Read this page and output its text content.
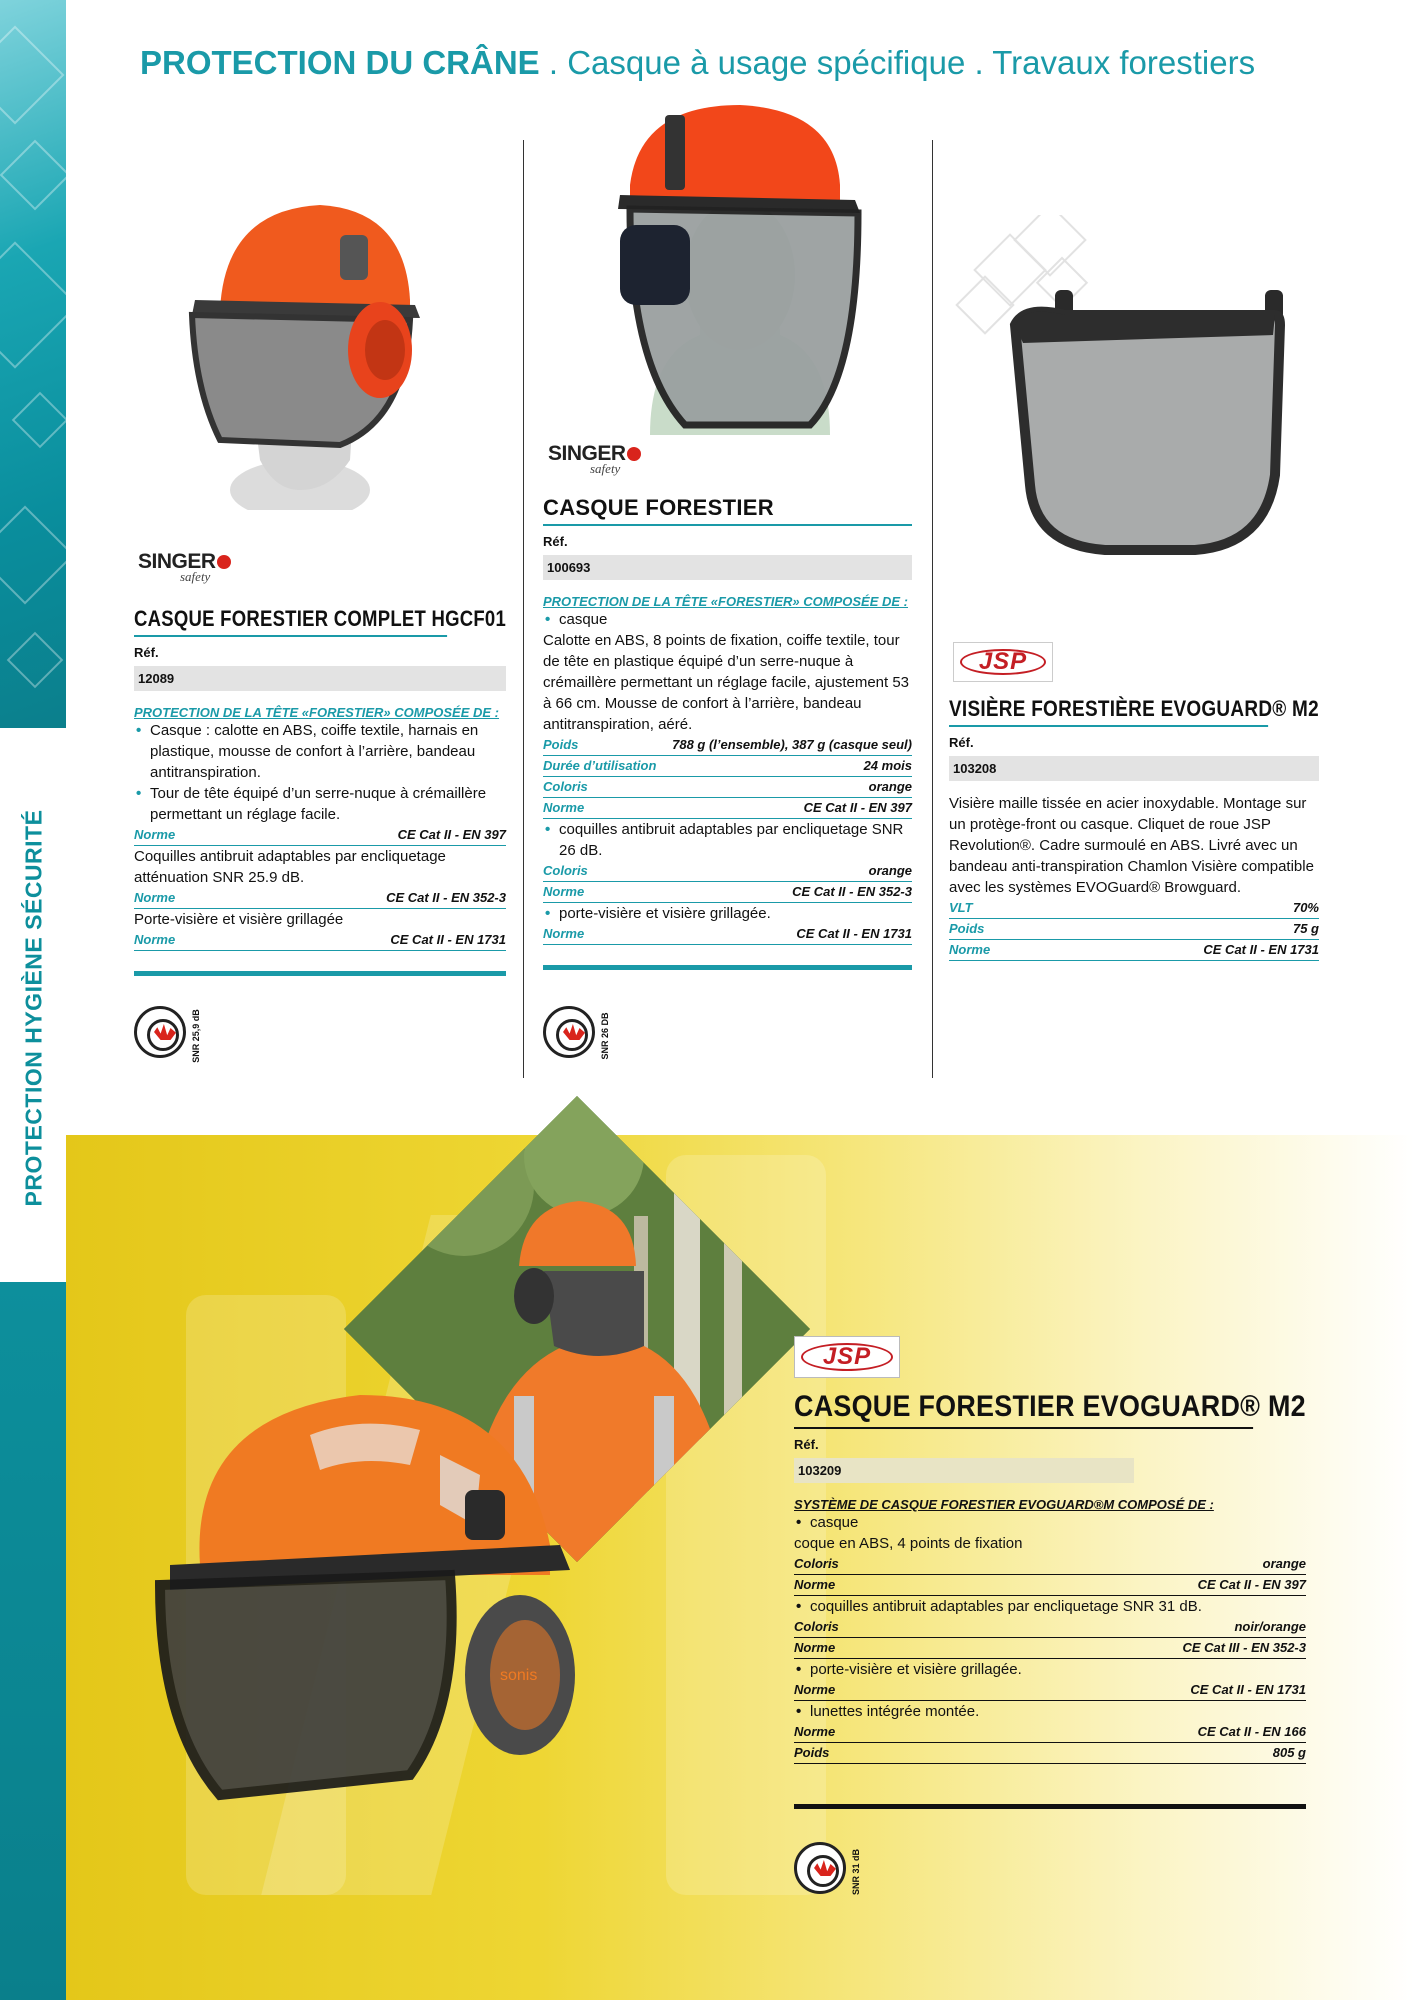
PROTECTION HYGIÈNE SÉCURITÉ
PROTECTION DU CRÂNE . Casque à usage spécifique . Travaux forestiers
SINGER
safety
CASQUE FORESTIER COMPLET HGCF01
Réf.
12089
PROTECTION DE LA TÊTE «FORESTIER» COMPOSÉE DE :
• Casque : calotte en ABS, coiffe textile, harnais en plastique, mousse de confort à l’arrière, bandeau antitranspiration.
• Tour de tête équipé d’un serre-nuque à crémaillère permettant un réglage facile.
Norme	CE Cat II - EN 397
Coquilles antibruit adaptables par encliquetage atténuation SNR 25.9 dB.
Norme	CE Cat II - EN 352-3
Porte-visière et visière grillagée
Norme	CE Cat II - EN 1731
SNR 25,9 dB
SINGER
safety
CASQUE FORESTIER
Réf.
100693
PROTECTION DE LA TÊTE «FORESTIER» COMPOSÉE DE :
• casque
Calotte en ABS, 8 points de fixation, coiffe textile, tour de tête en plastique équipé d’un serre-nuque à crémaillère permettant un réglage facile, ajustement 53 à 66 cm. Mousse de confort à l’arrière, bandeau antitranspiration, aéré.
Poids	788 g (l’ensemble), 387 g (casque seul)
Durée d’utilisation	24 mois
Coloris	orange
Norme	CE Cat II - EN 397
• coquilles antibruit adaptables par encliquetage SNR 26 dB.
Coloris	orange
Norme	CE Cat II - EN 352-3
• porte-visière et visière grillagée.
Norme	CE Cat II - EN 1731
SNR 26 DB
JSP
VISIÈRE FORESTIÈRE EVOGUARD® M2
Réf.
103208
Visière maille tissée en acier inoxydable. Montage sur un protège-front ou casque. Cliquet de roue JSP Revolution®. Cadre surmoulé en ABS. Livré avec un bandeau anti-transpiration Chamlon Visière compatible avec les systèmes EVOGuard® Browguard.
VLT	70%
Poids	75 g
Norme	CE Cat II - EN 1731
sonis
JSP
CASQUE FORESTIER EVOGUARD® M2
Réf.
103209
SYSTÈME DE CASQUE FORESTIER EVOGUARD®M COMPOSÉ DE :
• casque
coque en ABS, 4 points de fixation
Coloris	orange
Norme	CE Cat II - EN 397
• coquilles antibruit adaptables par encliquetage SNR 31 dB.
Coloris	noir/orange
Norme	CE Cat III - EN 352-3
• porte-visière et visière grillagée.
Norme	CE Cat II - EN 1731
• lunettes intégrée montée.
Norme	CE Cat II - EN 166
Poids	805 g
SNR 31 dB
